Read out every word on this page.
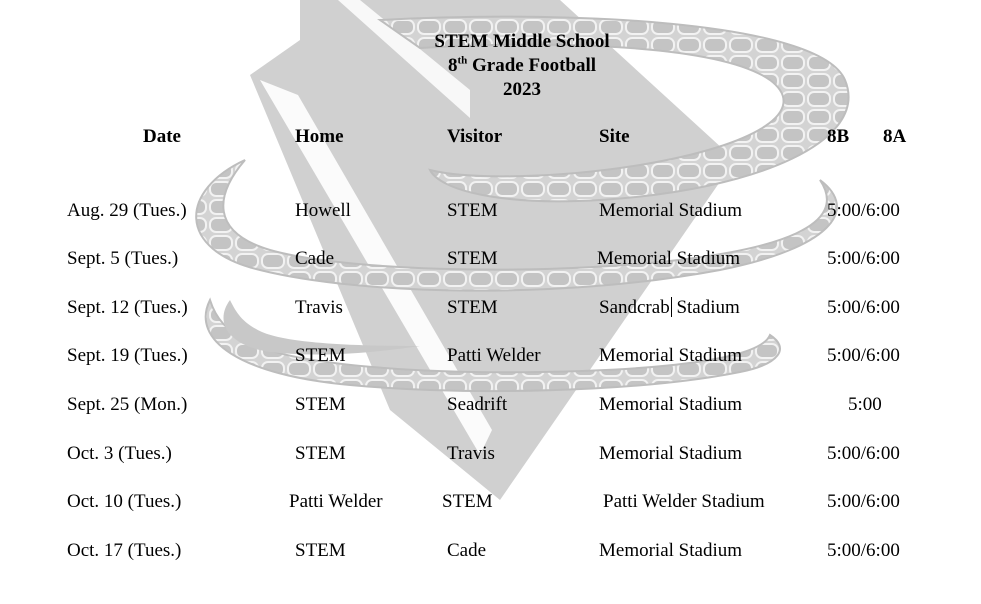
STEM Middle School
8th Grade Football
2023
Date	Home	Visitor	Site	8B 8A
Aug. 29 (Tues.)	Howell	STEM	Memorial Stadium	5:00/6:00
Sept. 5 (Tues.)	Cade	STEM	Memorial Stadium	5:00/6:00
Sept. 12 (Tues.)	Travis	STEM	Sandcrab Stadium	5:00/6:00
Sept. 19 (Tues.)	STEM	Patti Welder	Memorial Stadium	5:00/6:00
Sept. 25 (Mon.)	STEM	Seadrift	Memorial Stadium	5:00
Oct. 3 (Tues.)	STEM	Travis	Memorial Stadium	5:00/6:00
Oct. 10 (Tues.)	Patti Welder	STEM	Patti Welder Stadium	5:00/6:00
Oct. 17 (Tues.)	STEM	Cade	Memorial Stadium	5:00/6:00
